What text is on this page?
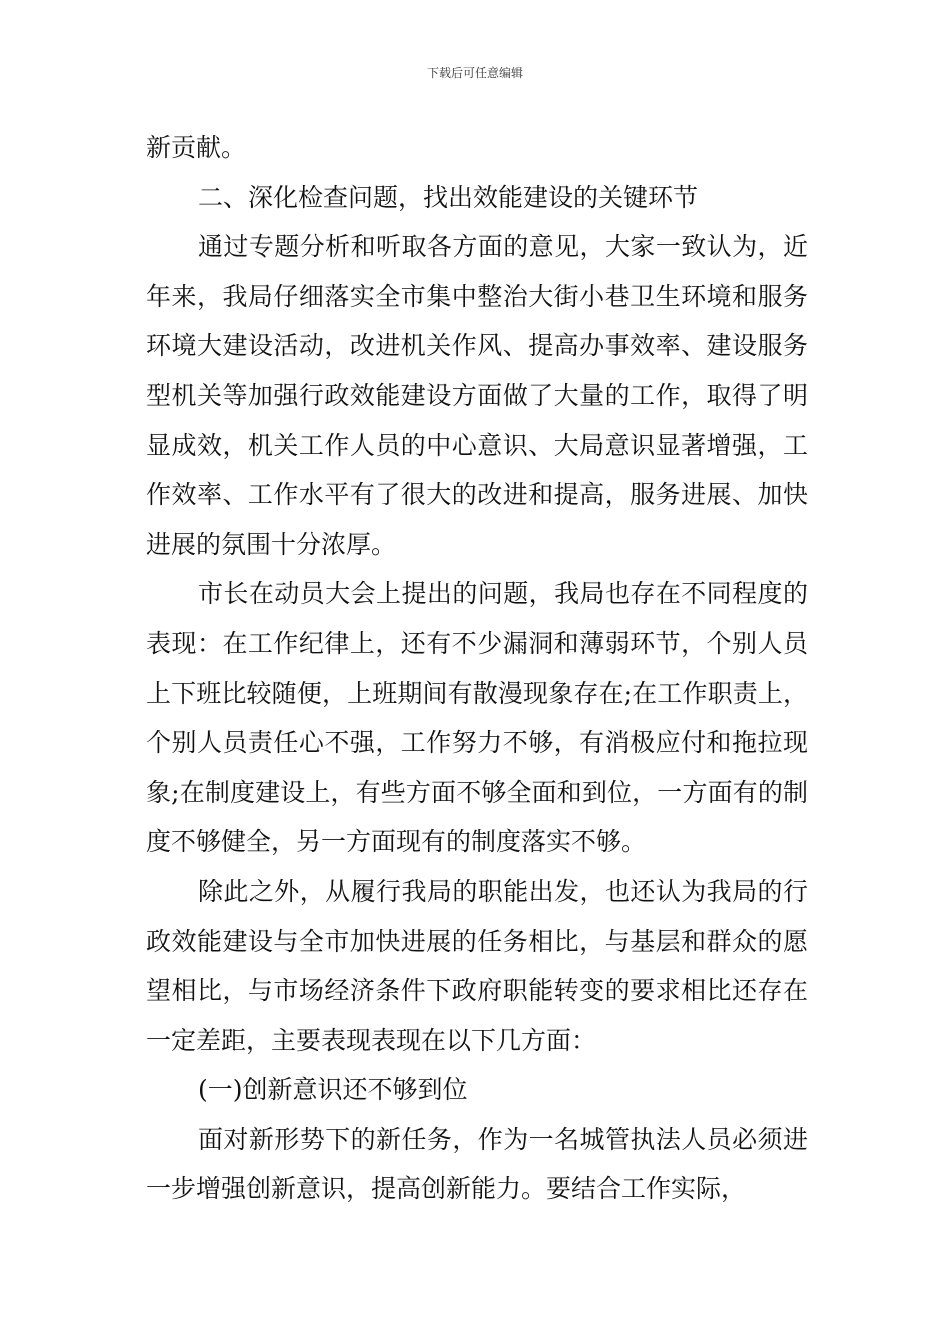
下载后可任意编辑

新贡献。

二、深化检查问题，找出效能建设的关键环节

通过专题分析和听取各方面的意见，大家一致认为，近年来，我局仔细落实全市集中整治大街小巷卫生环境和服务环境大建设活动，改进机关作风、提高办事效率、建设服务型机关等加强行政效能建设方面做了大量的工作，取得了明显成效，机关工作人员的中心意识、大局意识显著增强，工作效率、工作水平有了很大的改进和提高，服务进展、加快进展的氛围十分浓厚。

市长在动员大会上提出的问题，我局也存在不同程度的表现：在工作纪律上，还有不少漏洞和薄弱环节，个别人员上下班比较随便，上班期间有散漫现象存在;在工作职责上，个别人员责任心不强，工作努力不够，有消极应付和拖拉现象;在制度建设上，有些方面不够全面和到位，一方面有的制度不够健全，另一方面现有的制度落实不够。

除此之外，从履行我局的职能出发，也还认为我局的行政效能建设与全市加快进展的任务相比，与基层和群众的愿望相比，与市场经济条件下政府职能转变的要求相比还存在一定差距，主要表现表现在以下几方面：

(一)创新意识还不够到位

面对新形势下的新任务，作为一名城管执法人员必须进一步增强创新意识，提高创新能力。要结合工作实际，
